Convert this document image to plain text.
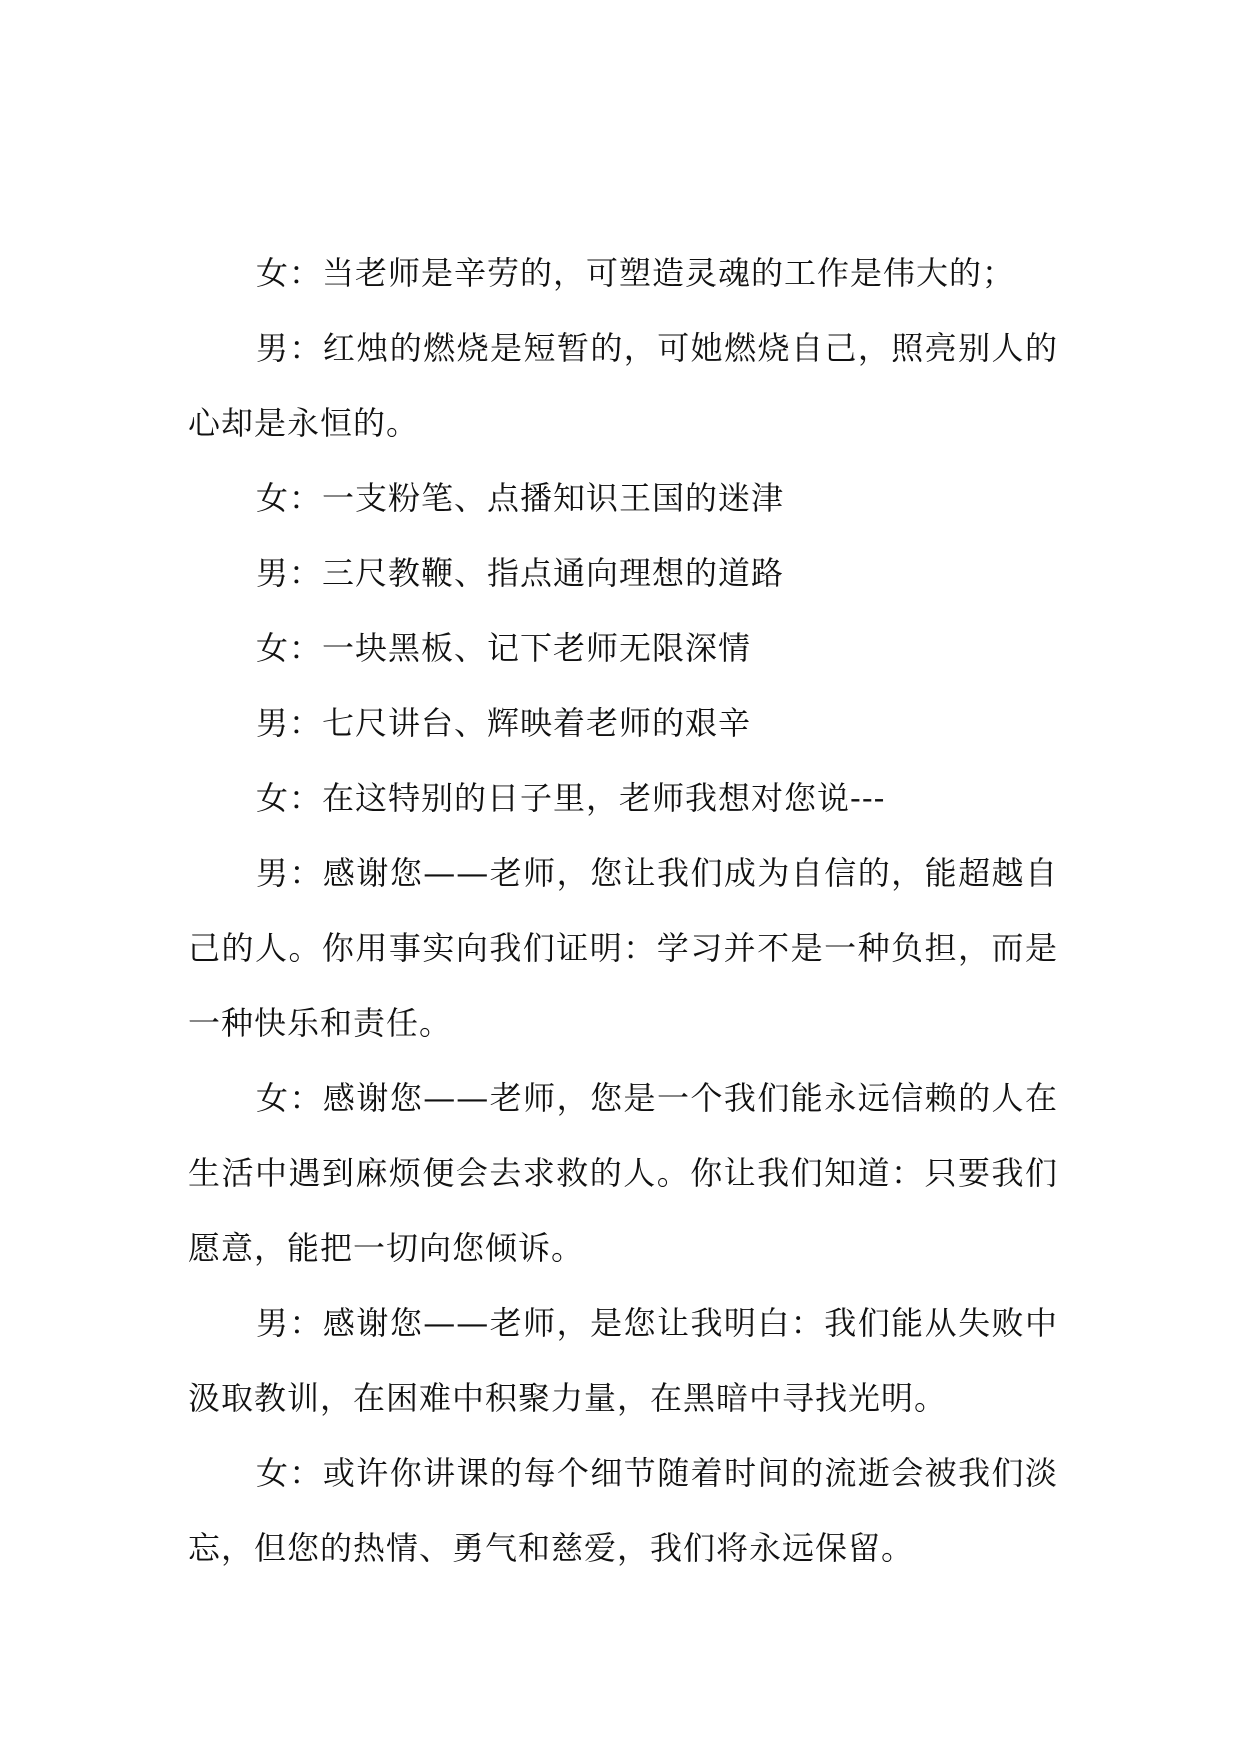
女：当老师是辛劳的，可塑造灵魂的工作是伟大的；

男：红烛的燃烧是短暂的，可她燃烧自己，照亮别人的心却是永恒的。

女：一支粉笔、点播知识王国的迷津

男：三尺教鞭、指点通向理想的道路

女：一块黑板、记下老师无限深情

男：七尺讲台、辉映着老师的艰辛

女：在这特别的日子里，老师我想对您说---

男：感谢您——老师，您让我们成为自信的，能超越自己的人。你用事实向我们证明：学习并不是一种负担，而是一种快乐和责任。

女：感谢您——老师，您是一个我们能永远信赖的人在生活中遇到麻烦便会去求救的人。你让我们知道：只要我们愿意，能把一切向您倾诉。

男：感谢您——老师，是您让我明白：我们能从失败中汲取教训，在困难中积聚力量，在黑暗中寻找光明。

女：或许你讲课的每个细节随着时间的流逝会被我们淡忘，但您的热情、勇气和慈爱，我们将永远保留。
